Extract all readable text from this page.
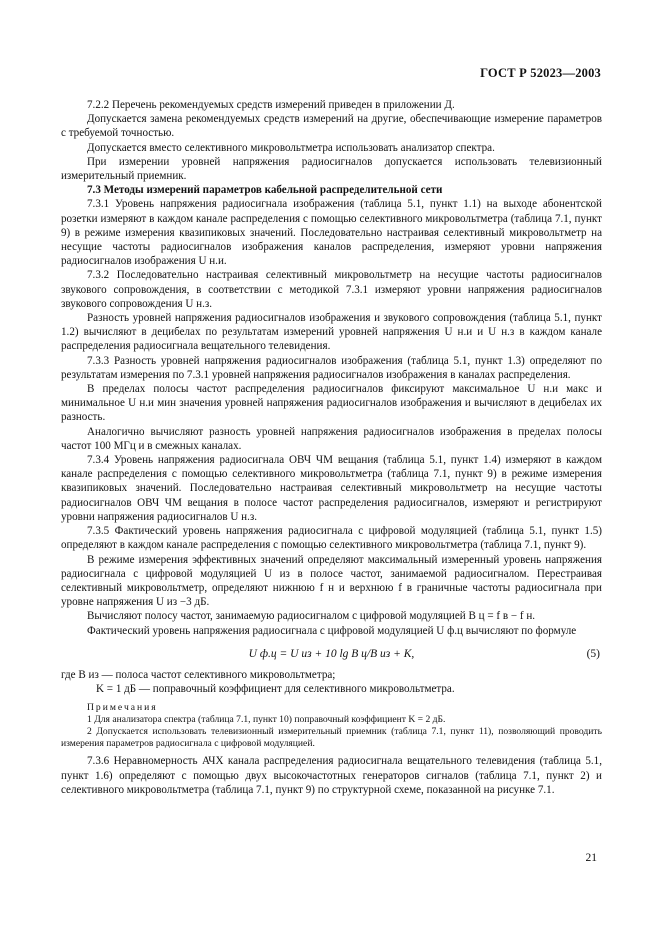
ГОСТ Р 52023—2003

7.2.2 Перечень рекомендуемых средств измерений приведен в приложении Д.

Допускается замена рекомендуемых средств измерений на другие, обеспечивающие измерение параметров с требуемой точностью.

Допускается вместо селективного микровольтметра использовать анализатор спектра.

При измерении уровней напряжения радиосигналов допускается использовать телевизионный измерительный приемник.

7.3 Методы измерений параметров кабельной распределительной сети

7.3.1 Уровень напряжения радиосигнала изображения (таблица 5.1, пункт 1.1) на выходе абонентской розетки измеряют в каждом канале распределения с помощью селективного микровольтметра (таблица 7.1, пункт 9) в режиме измерения квазипиковых значений. Последовательно настраивая селективный микровольтметр на несущие частоты радиосигналов изображения каналов распределения, измеряют уровни напряжения радиосигналов изображения U н.и.

7.3.2 Последовательно настраивая селективный микровольтметр на несущие частоты радиосигналов звукового сопровождения, в соответствии с методикой 7.3.1 измеряют уровни напряжения радиосигналов звукового сопровождения U н.з.

Разность уровней напряжения радиосигналов изображения и звукового сопровождения (таблица 5.1, пункт 1.2) вычисляют в децибелах по результатам измерений уровней напряжения U н.и и U н.з в каждом канале распределения радиосигнала вещательного телевидения.

7.3.3 Разность уровней напряжения радиосигналов изображения (таблица 5.1, пункт 1.3) определяют по результатам измерения по 7.3.1 уровней напряжения радиосигналов изображения в каналах распределения.

В пределах полосы частот распределения радиосигналов фиксируют максимальное U н.и макс и минимальное U н.и мин значения уровней напряжения радиосигналов изображения и вычисляют в децибелах их разность.

Аналогично вычисляют разность уровней напряжения радиосигналов изображения в пределах полосы частот 100 МГц и в смежных каналах.

7.3.4 Уровень напряжения радиосигнала ОВЧ ЧМ вещания (таблица 5.1, пункт 1.4) измеряют в каждом канале распределения с помощью селективного микровольтметра (таблица 7.1, пункт 9) в режиме измерения квазипиковых значений. Последовательно настраивая селективный микровольтметр на несущие частоты радиосигналов ОВЧ ЧМ вещания в полосе частот распределения радиосигналов, измеряют и регистрируют уровни напряжения радиосигналов U н.з.

7.3.5 Фактический уровень напряжения радиосигнала с цифровой модуляцией (таблица 5.1, пункт 1.5) определяют в каждом канале распределения с помощью селективного микровольтметра (таблица 7.1, пункт 9).

В режиме измерения эффективных значений определяют максимальный измеренный уровень напряжения радиосигнала с цифровой модуляцией U из в полосе частот, занимаемой радиосигналом. Перестраивая селективный микровольтметр, определяют нижнюю f н и верхнюю f в граничные частоты радиосигнала при уровне напряжения U из −3 дБ.

Вычисляют полосу частот, занимаемую радиосигналом с цифровой модуляцией B ц = f в − f н.

Фактический уровень напряжения радиосигнала с цифровой модуляцией U ф.ц вычисляют по формуле

U ф.ц = U из + 10 lg B ц/B из + K,	(5)

где B из — полоса частот селективного микровольтметра;

K = 1 дБ — поправочный коэффициент для селективного микровольтметра.

Примечания

1 Для анализатора спектра (таблица 7.1, пункт 10) поправочный коэффициент K = 2 дБ.

2 Допускается использовать телевизионный измерительный приемник (таблица 7.1, пункт 11), позволяющий проводить измерения параметров радиосигнала с цифровой модуляцией.

7.3.6 Неравномерность АЧХ канала распределения радиосигнала вещательного телевидения (таблица 5.1, пункт 1.6) определяют с помощью двух высокочастотных генераторов сигналов (таблица 7.1, пункт 2) и селективного микровольтметра (таблица 7.1, пункт 9) по структурной схеме, показанной на рисунке 7.1.

21
